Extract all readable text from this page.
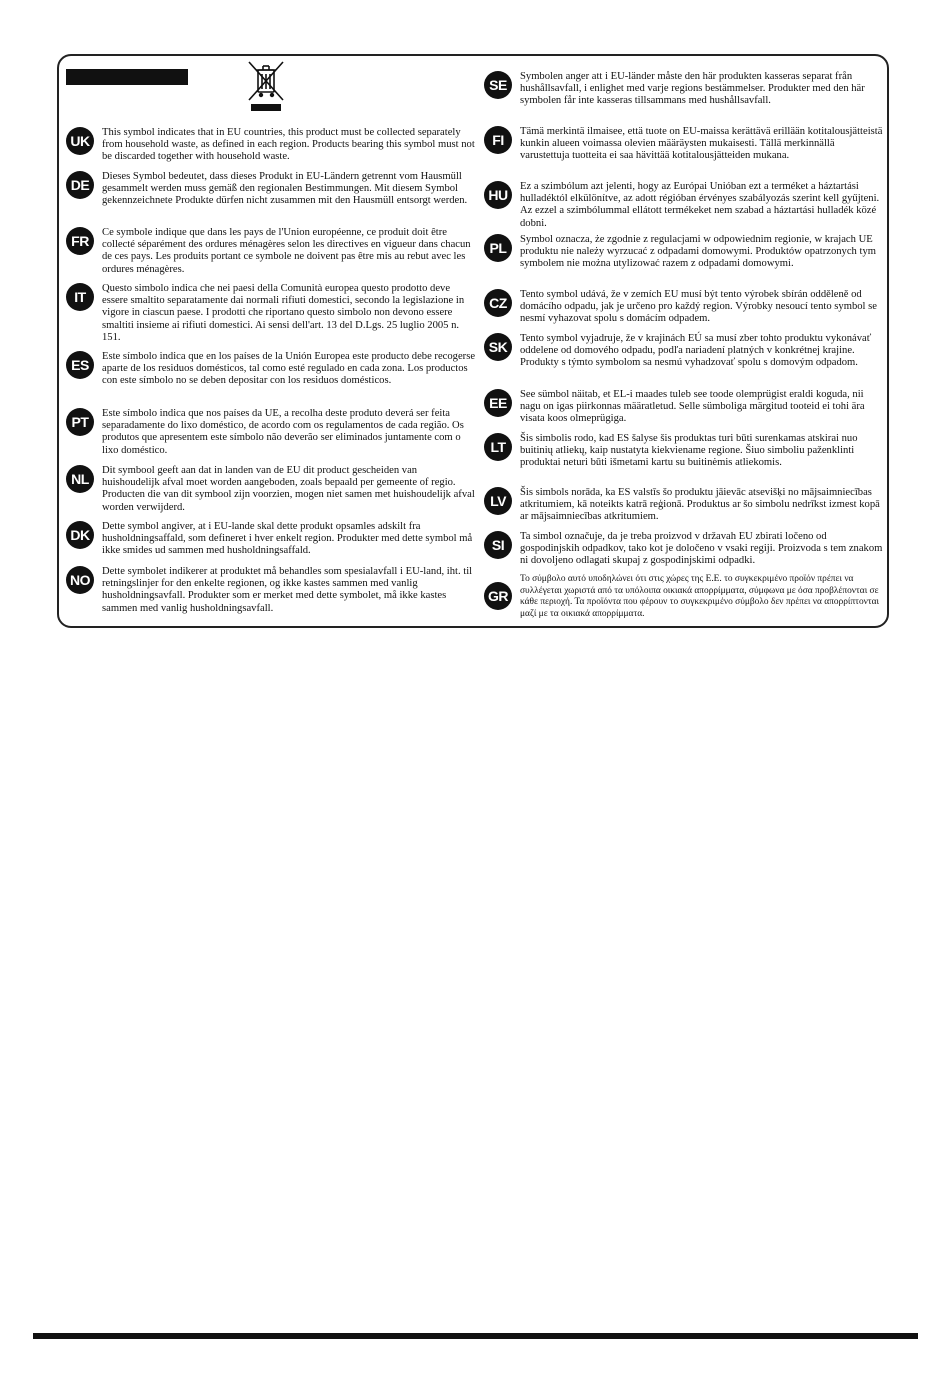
UK

This symbol indicates that in EU countries, this product must be collected separately from household waste, as defined in each region. Products bearing this symbol must not be discarded together with household waste.

DE

Dieses Symbol bedeutet, dass dieses Produkt in EU-Ländern getrennt vom Hausmüll gesammelt werden muss gemäß den regionalen Bestimmungen. Mit diesem Symbol gekennzeichnete Produkte dürfen nicht zusammen mit den Hausmüll entsorgt werden.

FR

Ce symbole indique que dans les pays de l'Union européenne, ce produit doit être collecté séparément des ordures ménagères selon les directives en vigueur dans chacun de ces pays. Les produits portant ce symbole ne doivent pas être mis au rebut avec les ordures ménagères.

IT

Questo simbolo indica che nei paesi della Comunità europea questo prodotto deve essere smaltito separatamente dai normali rifiuti domestici, secondo la legislazione in vigore in ciascun paese. I prodotti che riportano questo simbolo non devono essere smaltiti insieme ai rifiuti domestici. Ai sensi dell'art. 13 del D.Lgs. 25 luglio 2005 n. 151.

ES

Este símbolo indica que en los países de la Unión Europea este producto debe recogerse aparte de los residuos domésticos, tal como esté regulado en cada zona. Los productos con este símbolo no se deben depositar con los residuos domésticos.

PT

Este símbolo indica que nos países da UE, a recolha deste produto deverá ser feita separadamente do lixo doméstico, de acordo com os regulamentos de cada região. Os produtos que apresentem este símbolo não deverão ser eliminados juntamente com o lixo doméstico.

NL

Dit symbool geeft aan dat in landen van de EU dit product gescheiden van huishoudelijk afval moet worden aangeboden, zoals bepaald per gemeente of regio. Producten die van dit symbool zijn voorzien, mogen niet samen met huishoudelijk afval worden verwijderd.

DK

Dette symbol angiver, at i EU-lande skal dette produkt opsamles adskilt fra husholdningsaffald, som defineret i hver enkelt region. Produkter med dette symbol må ikke smides ud sammen med husholdningsaffald.

NO

Dette symbolet indikerer at produktet må behandles som spesialavfall i EU-land, iht. til retningslinjer for den enkelte regionen, og ikke kastes sammen med vanlig husholdningsavfall. Produkter som er merket med dette symbolet, må ikke kastes sammen med vanlig husholdningsavfall.

SE

Symbolen anger att i EU-länder måste den här produkten kasseras separat från hushållsavfall, i enlighet med varje regions bestämmelser. Produkter med den här symbolen får inte kasseras tillsammans med hushållsavfall.

FI

Tämä merkintä ilmaisee, että tuote on EU-maissa kerättävä erillään kotitalousjätteistä kunkin alueen voimassa olevien määräysten mukaisesti. Tällä merkinnällä varustettuja tuotteita ei saa hävittää kotitalousjätteiden mukana.

HU

Ez a szimbólum azt jelenti, hogy az Európai Unióban ezt a terméket a háztartási hulladéktól elkülönítve, az adott régióban érvényes szabályozás szerint kell gyűjteni. Az ezzel a szimbólummal ellátott termékeket nem szabad a háztartási hulladék közé dobni.

PL

Symbol oznacza, że zgodnie z regulacjami w odpowiednim regionie, w krajach UE produktu nie należy wyrzucać z odpadami domowymi. Produktów opatrzonych tym symbolem nie można utylizować razem z odpadami domowymi.

CZ

Tento symbol udává, že v zemích EU musí být tento výrobek sbírán odděleně od domácího odpadu, jak je určeno pro každý region. Výrobky nesoucí tento symbol se nesmí vyhazovat spolu s domácím odpadem.

SK

Tento symbol vyjadruje, že v krajinách EÚ sa musí zber tohto produktu vykonávať oddelene od domového odpadu, podľa nariadení platných v konkrétnej krajine. Produkty s týmto symbolom sa nesmú vyhadzovať spolu s domovým odpadom.

EE

See sümbol näitab, et EL-i maades tuleb see toode olemprügist eraldi koguda, nii nagu on igas piirkonnas määratletud. Selle sümboliga märgitud tooteid ei tohi ära visata koos olmeprügiga.

LT

Šis simbolis rodo, kad ES šalyse šis produktas turi būti surenkamas atskirai nuo buitinių atliekų, kaip nustatyta kiekviename regione. Šiuo simboliu paženklinti produktai neturi būti išmetami kartu su buitinėmis atliekomis.

LV

Šis simbols norāda, ka ES valstīs šo produktu jāievāc atsevišķi no mājsaimniecības atkritumiem, kā noteikts katrā reģionā. Produktus ar šo simbolu nedrīkst izmest kopā ar mājsaimniecības atkritumiem.

SI

Ta simbol označuje, da je treba proizvod v državah EU zbirati ločeno od gospodinjskih odpadkov, tako kot je določeno v vsaki regiji. Proizvoda s tem znakom ni dovoljeno odlagati skupaj z gospodinjskimi odpadki.

GR

Το σύμβολο αυτό υποδηλώνει ότι στις χώρες της Ε.Ε. το συγκεκριμένο προϊόν πρέπει να συλλέγεται χωριστά από τα υπόλοιπα οικιακά απορρίμματα, σύμφωνα με όσα προβλέπονται σε κάθε περιοχή. Τα προϊόντα που φέρουν το συγκεκριμένο σύμβολο δεν πρέπει να απορρίπτονται μαζί με τα οικιακά απορρίμματα.
